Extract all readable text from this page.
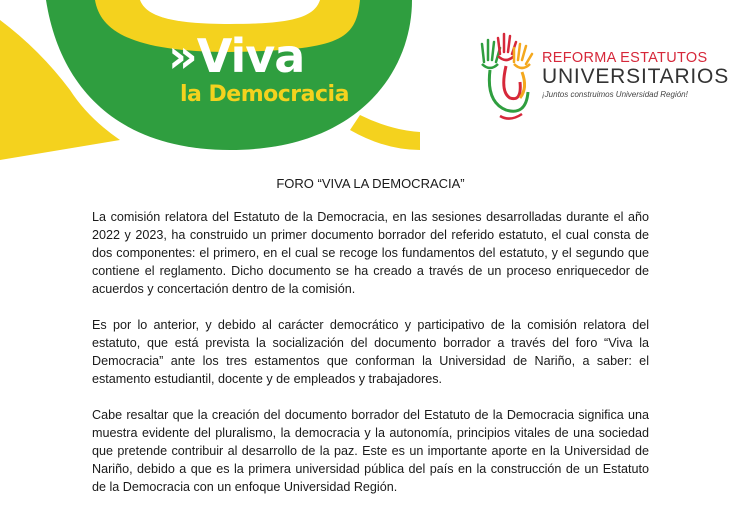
»Viva
la Democracia
REFORMA ESTATUTOS
UNIVERSITARIOS
¡Juntos construimos Universidad Región!
FORO “VIVA LA DEMOCRACIA”

La comisión relatora del Estatuto de la Democracia, en las sesiones desarrolladas durante el año 2022 y 2023, ha construido un primer documento borrador del referido estatuto, el cual consta de dos componentes: el primero, en el cual se recoge los fundamentos del estatuto, y el segundo que contiene el reglamento. Dicho documento se ha creado a través de un proceso enriquecedor de acuerdos y concertación dentro de la comisión.

Es por lo anterior, y debido al carácter democrático y participativo de la comisión relatora del estatuto, que está prevista la socialización del documento borrador a través del foro “Viva la Democracia” ante los tres estamentos que conforman la Universidad de Nariño, a saber: el estamento estudiantil, docente y de empleados y trabajadores.

Cabe resaltar que la creación del documento borrador del Estatuto de la Democracia significa una muestra evidente del pluralismo, la democracia y la autonomía, principios vitales de una sociedad que pretende contribuir al desarrollo de la paz. Este es un importante aporte en la Universidad de Nariño, debido a que es la primera universidad pública del país en la construcción de un Estatuto de la Democracia con un enfoque Universidad Región.
